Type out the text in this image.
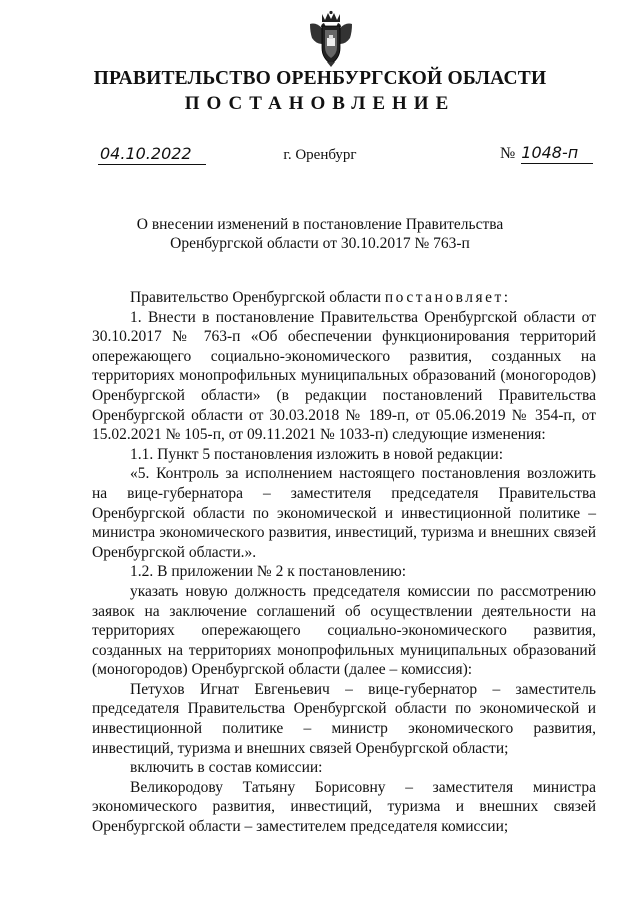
ПРАВИТЕЛЬСТВО ОРЕНБУРГСКОЙ ОБЛАСТИ
ПОСТАНОВЛЕНИЕ
04.10.2022	г. Оренбург	№ 1048-п
О внесении изменений в постановление Правительства
Оренбургской области от 30.10.2017 № 763-п

Правительство Оренбургской области постановляет:

1. Внести в постановление Правительства Оренбургской области от 30.10.2017 № 763-п «Об обеспечении функционирования территорий опережающего социально-экономического развития, созданных на территориях монопрофильных муниципальных образований (моногородов) Оренбургской области» (в редакции постановлений Правительства Оренбургской области от 30.03.2018 № 189-п, от 05.06.2019 № 354-п, от 15.02.2021 № 105-п, от 09.11.2021 № 1033-п) следующие изменения:

1.1. Пункт 5 постановления изложить в новой редакции:

«5. Контроль за исполнением настоящего постановления возложить на вице-губернатора – заместителя председателя Правительства Оренбургской области по экономической и инвестиционной политике – министра экономического развития, инвестиций, туризма и внешних связей Оренбургской области.».

1.2. В приложении № 2 к постановлению:

указать новую должность председателя комиссии по рассмотрению заявок на заключение соглашений об осуществлении деятельности на территориях опережающего социально-экономического развития, созданных на территориях монопрофильных муниципальных образований (моногородов) Оренбургской области (далее – комиссия):

Петухов Игнат Евгеньевич – вице-губернатор – заместитель председателя Правительства Оренбургской области по экономической и инвестиционной политике – министр экономического развития, инвестиций, туризма и внешних связей Оренбургской области;

включить в состав комиссии:

Великородову Татьяну Борисовну – заместителя министра экономического развития, инвестиций, туризма и внешних связей Оренбургской области – заместителем председателя комиссии;
